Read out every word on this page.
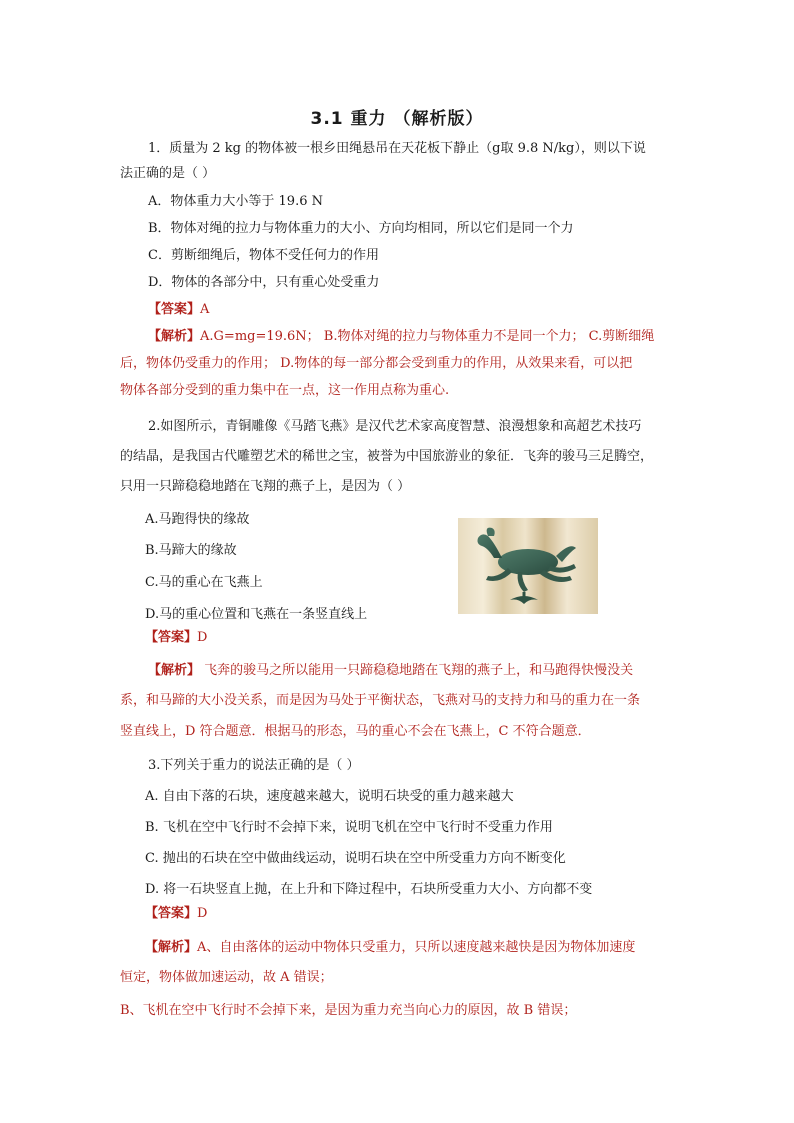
3.1 重力 （解析版）
1．质量为 2 kg 的物体被一根乡田绳悬吊在天花板下静止（g取 9.8 N/kg），则以下说
法正确的是（ ）
A．物体重力大小等于 19.6 N
B．物体对绳的拉力与物体重力的大小、方向均相同，所以它们是同一个力
C．剪断细绳后，物体不受任何力的作用
D．物体的各部分中，只有重心处受重力
【答案】A
【解析】A.G=mg=19.6N； B.物体对绳的拉力与物体重力不是同一个力； C.剪断细绳
后，物体仍受重力的作用； D.物体的每一部分都会受到重力的作用，从效果来看，可以把
物体各部分受到的重力集中在一点，这一作用点称为重心.
2.如图所示，青铜雕像《马踏飞燕》是汉代艺术家高度智慧、浪漫想象和高超艺术技巧
的结晶，是我国古代雕塑艺术的稀世之宝，被誉为中国旅游业的象征．飞奔的骏马三足腾空，
只用一只蹄稳稳地踏在飞翔的燕子上，是因为（ ）
A.马跑得快的缘故
B.马蹄大的缘故
C.马的重心在飞燕上
D.马的重心位置和飞燕在一条竖直线上
【答案】D
【解析】 飞奔的骏马之所以能用一只蹄稳稳地踏在飞翔的燕子上，和马跑得快慢没关
系，和马蹄的大小没关系，而是因为马处于平衡状态，飞燕对马的支持力和马的重力在一条
竖直线上，D 符合题意．根据马的形态，马的重心不会在飞燕上，C 不符合题意．
3.下列关于重力的说法正确的是（ ）
A. 自由下落的石块，速度越来越大，说明石块受的重力越来越大
B. 飞机在空中飞行时不会掉下来，说明飞机在空中飞行时不受重力作用
C. 抛出的石块在空中做曲线运动，说明石块在空中所受重力方向不断变化
D. 将一石块竖直上抛，在上升和下降过程中，石块所受重力大小、方向都不变
【答案】D
【解析】A、自由落体的运动中物体只受重力，只所以速度越来越快是因为物体加速度
恒定，物体做加速运动，故 A 错误；
B、飞机在空中飞行时不会掉下来，是因为重力充当向心力的原因，故 B 错误；
